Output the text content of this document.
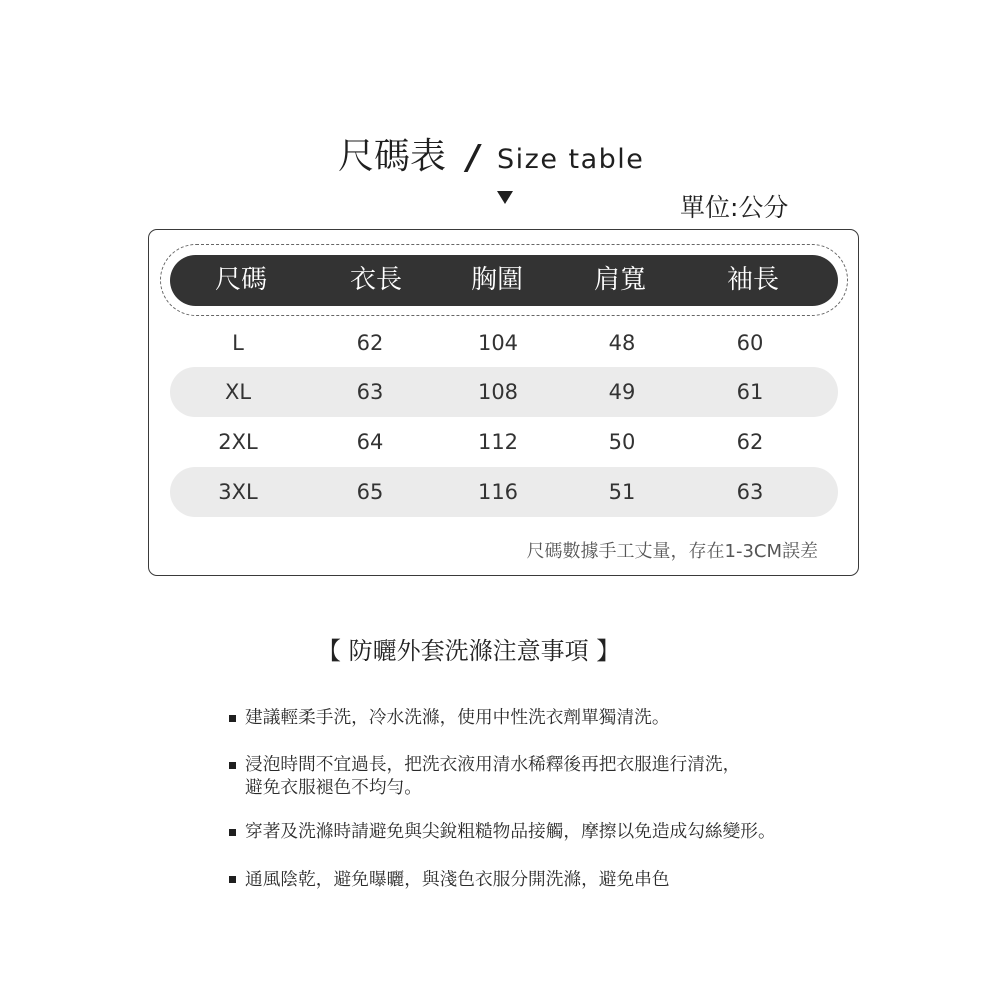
尺碼表 / Size table
單位:公分
尺碼	衣長	胸圍	肩寬	袖長
L	62	104	48	60
XL	63	108	49	61
2XL	64	112	50	62
3XL	65	116	51	63
尺碼數據手工丈量，存在1-3CM誤差
【 防曬外套洗滌注意事項 】
建議輕柔手洗，冷水洗滌，使用中性洗衣劑單獨清洗。
浸泡時間不宜過長，把洗衣液用清水稀釋後再把衣服進行清洗，
避免衣服褪色不均勻。
穿著及洗滌時請避免與尖銳粗糙物品接觸，摩擦以免造成勾絲變形。
通風陰乾，避免曝曬，與淺色衣服分開洗滌，避免串色
